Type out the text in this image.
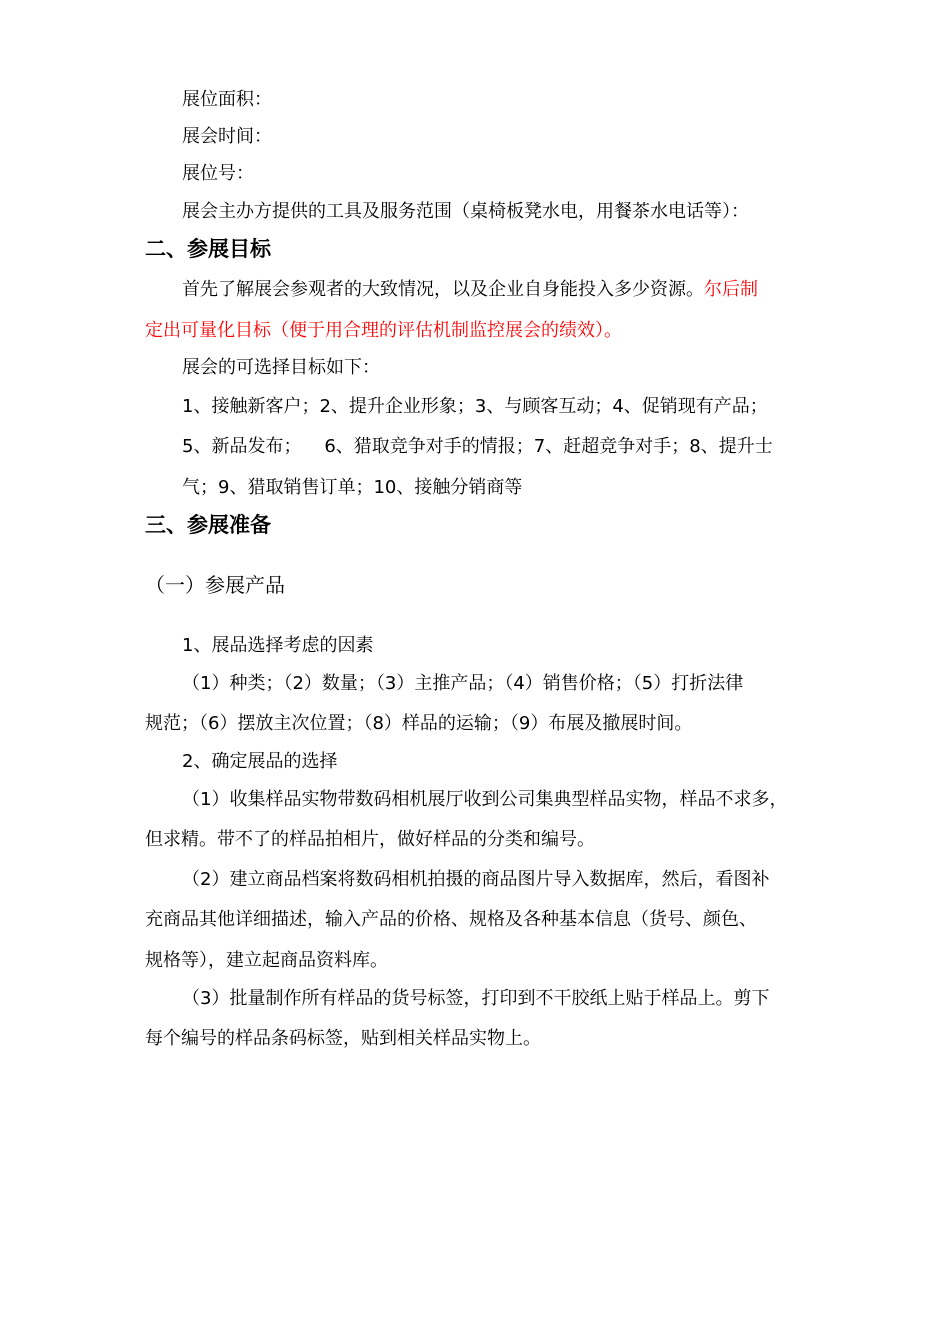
展位面积：
展会时间：
展位号：
展会主办方提供的工具及服务范围（桌椅板凳水电，用餐茶水电话等）：
二、参展目标
首先了解展会参观者的大致情况，以及企业自身能投入多少资源。尔后制
定出可量化目标（便于用合理的评估机制监控展会的绩效）。
展会的可选择目标如下：
1、接触新客户；2、提升企业形象；3、与顾客互动；4、促销现有产品；
5、新品发布；    6、猎取竞争对手的情报；7、赶超竞争对手；8、提升士
气；9、猎取销售订单；10、接触分销商等
三、参展准备
（一）参展产品
1、展品选择考虑的因素
（1）种类；（2）数量；（3）主推产品；（4）销售价格；（5）打折法律
规范；（6）摆放主次位置；（8）样品的运输；（9）布展及撤展时间。
2、确定展品的选择
（1）收集样品实物带数码相机展厅收到公司集典型样品实物，样品不求多，
但求精。带不了的样品拍相片，做好样品的分类和编号。
（2）建立商品档案将数码相机拍摄的商品图片导入数据库，然后，看图补
充商品其他详细描述，输入产品的价格、规格及各种基本信息（货号、颜色、
规格等），建立起商品资料库。
（3）批量制作所有样品的货号标签，打印到不干胶纸上贴于样品上。剪下
每个编号的样品条码标签，贴到相关样品实物上。
